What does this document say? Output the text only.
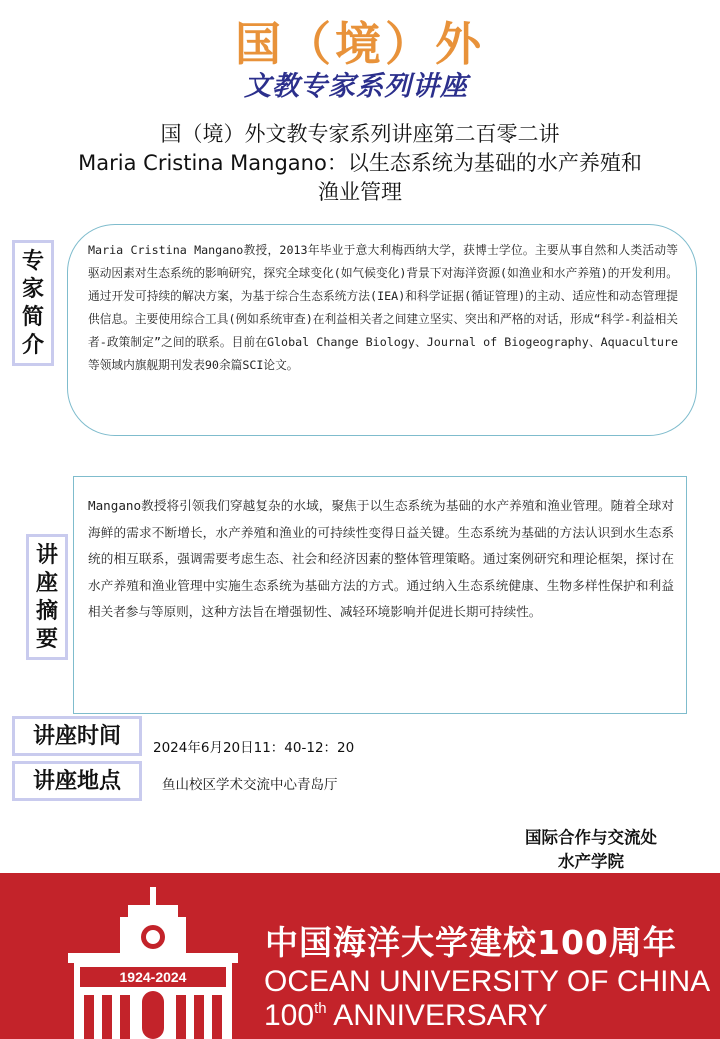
国（境）外
文教专家系列讲座
国（境）外文教专家系列讲座第二百零二讲
Maria Cristina Mangano：以生态系统为基础的水产养殖和
渔业管理
专
家
简
介
Maria Cristina Mangano教授，2013年毕业于意大利梅西纳大学，获博士学位。主要从事自然和人类活动等驱动因素对生态系统的影响研究，探究全球变化(如气候变化)背景下对海洋资源(如渔业和水产养殖)的开发利用。通过开发可持续的解决方案，为基于综合生态系统方法(IEA)和科学证据(循证管理)的主动、适应性和动态管理提供信息。主要使用综合工具(例如系统审查)在利益相关者之间建立坚实、突出和严格的对话，形成“科学-利益相关者-政策制定”之间的联系。目前在Global Change Biology、Journal of Biogeography、Aquaculture等领域内旗舰期刊发表90余篇SCI论文。
讲
座
摘
要
Mangano教授将引领我们穿越复杂的水域，聚焦于以生态系统为基础的水产养殖和渔业管理。随着全球对海鲜的需求不断增长，水产养殖和渔业的可持续性变得日益关键。生态系统为基础的方法认识到水生态系统的相互联系，强调需要考虑生态、社会和经济因素的整体管理策略。通过案例研究和理论框架，探讨在水产养殖和渔业管理中实施生态系统为基础方法的方式。通过纳入生态系统健康、生物多样性保护和利益相关者参与等原则，这种方法旨在增强韧性、减轻环境影响并促进长期可持续性。
讲座时间	2024年6月20日11：40-12：20
讲座地点	鱼山校区学术交流中心青岛厅
国际合作与交流处
水产学院
1924-2024
中国海洋大学建校100周年
OCEAN UNIVERSITY OF CHINA
100th ANNIVERSARY
